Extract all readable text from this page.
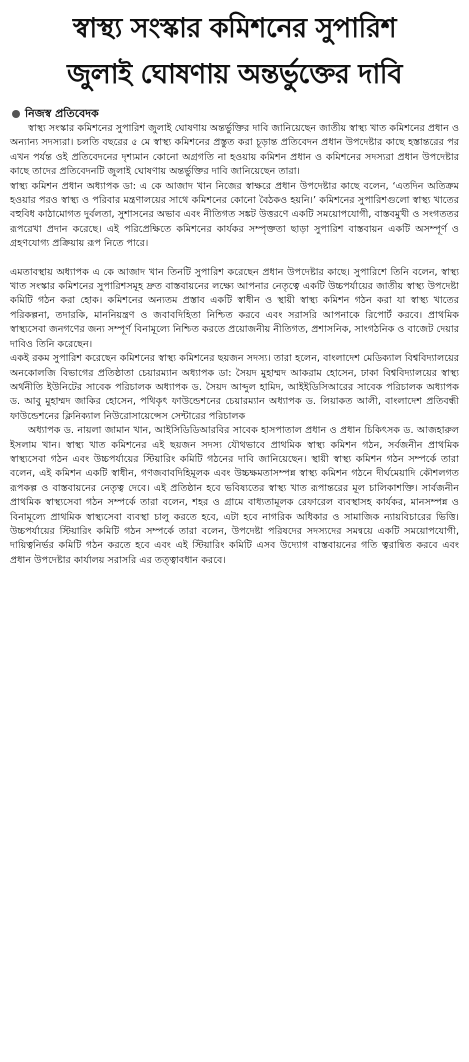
স্বাস্থ্য সংস্কার কমিশনের সুপারিশ
জুলাই ঘোষণায় অন্তর্ভুক্তের দাবি
নিজস্ব প্রতিবেদক

স্বাস্থ্য সংস্কার কমিশনের সুপারিশ জুলাই ঘোষণায় অন্তর্ভুক্তির দাবি জানিয়েছেন জাতীয় স্বাস্থ্য খাত কমিশনের প্রধান ও অন্যান্য সদস্যরা। চলতি বছরের ৫ মে স্বাস্থ্য কমিশনের প্রস্তুত করা চূড়ান্ত প্রতিবেদন প্রধান উপদেষ্টার কাছে হস্তান্তরের পর এখন পর্যন্ত ওই প্রতিবেদনের দৃশ্যমান কোনো অগ্রগতি না হওয়ায় কমিশন প্রধান ও কমিশনের সদস্যরা প্রধান উপদেষ্টার কাছে তাদের প্রতিবেদনটি জুলাই ঘোষণায় অন্তর্ভুক্তির দাবি জানিয়েছেন তারা।

স্বাস্থ্য কমিশন প্রধান অধ্যাপক ডা: এ কে আজাদ খান নিজের স্বাক্ষরে প্রধান উপদেষ্টার কাছে বলেন, ‘এতদিন অতিক্রম হওয়ার পরও স্বাস্থ্য ও পরিবার মন্ত্রণালয়ের সাথে কমিশনের কোনো বৈঠকও হয়নি।’ কমিশনের সুপারিশগুলো স্বাস্থ্য খাতের বহুবিধ কাঠামোগত দুর্বলতা, সুশাসনের অভাব এবং নীতিগত সঙ্কট উত্তরণে একটি সময়োপযোগী, বাস্তবমুখী ও সংগততর রূপরেখা প্রদান করেছে। এই পরিপ্রেক্ষিতে কমিশনের কার্যকর সম্পৃক্ততা ছাড়া সুপারিশ বাস্তবায়ন একটি অসম্পূর্ণ ও গ্রহণযোগ্য প্রক্রিয়ায় রূপ নিতে পারে।

এমতাবস্থায় অধ্যাপক এ কে আজাদ খান তিনটি সুপারিশ করেছেন প্রধান উপদেষ্টার কাছে। সুপারিশে তিনি বলেন, স্বাস্থ্য খাত সংস্কার কমিশনের সুপারিশসমূহ দ্রুত বাস্তবায়নের লক্ষ্যে আপনার নেতৃত্বে একটি উচ্চপর্যায়ের জাতীয় স্বাস্থ্য উপদেষ্টা কমিটি গঠন করা হোক। কমিশনের অন্যতম প্রস্তাব একটি স্বাধীন ও স্থায়ী স্বাস্থ্য কমিশন গঠন করা যা স্বাস্থ্য খাতের পরিকল্পনা, তদারকি, মাননিয়ন্ত্রণ ও জবাবদিহিতা নিশ্চিত করবে এবং সরাসরি আপনাকে রিপোর্ট করবে। প্রাথমিক স্বাস্থ্যসেবা জনগণের জন্য সম্পূর্ণ বিনামূল্যে নিশ্চিত করতে প্রয়োজনীয় নীতিগত, প্রশাসনিক, সাংগঠনিক ও বাজেট দেয়ার দাবিও তিনি করেছেন।

একই রকম সুপারিশ করেছেন কমিশনের স্বাস্থ্য কমিশনের ছয়জন সদস্য। তারা হলেন, বাংলাদেশ মেডিক্যাল বিশ্ববিদ্যালয়ের অনকোলজি বিভাগের প্রতিষ্ঠাতা চেয়ারম্যান অধ্যাপক ডা: সৈয়দ মুহাম্মদ আকরাম হোসেন, ঢাকা বিশ্ববিদ্যালয়ের স্বাস্থ্য অর্থনীতি ইউনিটের সাবেক পরিচালক অধ্যাপক ড. সৈয়দ আব্দুল হামিদ, আইইডিসিআরের সাবেক পরিচালক অধ্যাপক ড. আবু মুহাম্মদ জাকির হোসেন, পথিকৃৎ ফাউন্ডেশনের চেয়ারম্যান অধ্যাপক ড. লিয়াকত আলী, বাংলাদেশ প্রতিবন্ধী ফাউন্ডেশনের ক্লিনিক্যাল নিউরোসায়েন্সেস সেন্টারের পরিচালক

অধ্যাপক ড. নায়লা জামান খান, আইসিডিডিআরবির সাবেক হাসপাতাল প্রধান ও প্রধান চিকিৎসক ড. আজহারুল ইসলাম খান। স্বাস্থ্য খাত কমিশনের এই ছয়জন সদস্য যৌথভাবে প্রাথমিক স্বাস্থ্য কমিশন গঠন, সর্বজনীন প্রাথমিক স্বাস্থ্যসেবা গঠন এবং উচ্চপর্যায়ের স্টিয়ারিং কমিটি গঠনের দাবি জানিয়েছেন। স্থায়ী স্বাস্থ্য কমিশন গঠন সম্পর্কে তারা বলেন, এই কমিশন একটি স্বাধীন, গণজবাবদিহিমূলক এবং উচ্চক্ষমতাসম্পন্ন স্বাস্থ্য কমিশন গঠনে দীর্ঘমেয়াদি কৌশলগত রূপকল্প ও বাস্তবায়নের নেতৃত্ব দেবে। এই প্রতিষ্ঠান হবে ভবিষ্যতের স্বাস্থ্য খাত রূপান্তরের মূল চালিকাশক্তি। সার্বজনীন প্রাথমিক স্বাস্থ্যসেবা গঠন সম্পর্কে তারা বলেন, শহর ও গ্রামে বাধ্যতামূলক রেফারেল ব্যবস্থাসহ কার্যকর, মানসম্পন্ন ও বিনামূল্যে প্রাথমিক স্বাস্থ্যসেবা ব্যবস্থা চালু করতে হবে, এটা হবে নাগরিক অধিকার ও সামাজিক ন্যায়বিচারের ভিত্তি। উচ্চপর্যায়ের স্টিয়ারিং কমিটি গঠন সম্পর্কে তারা বলেন, উপদেষ্টা পরিষদের সদস্যদের সমন্বয়ে একটি সময়োপযোগী, দায়িত্বনির্ভর কমিটি গঠন করতে হবে এবং এই স্টিয়ারিং কমিটি এসব উদ্যোগ বাস্তবায়নের গতি ত্বরান্বিত করবে এবং প্রধান উপদেষ্টার কার্যালয় সরাসরি এর তত্ত্বাবধান করবে।
